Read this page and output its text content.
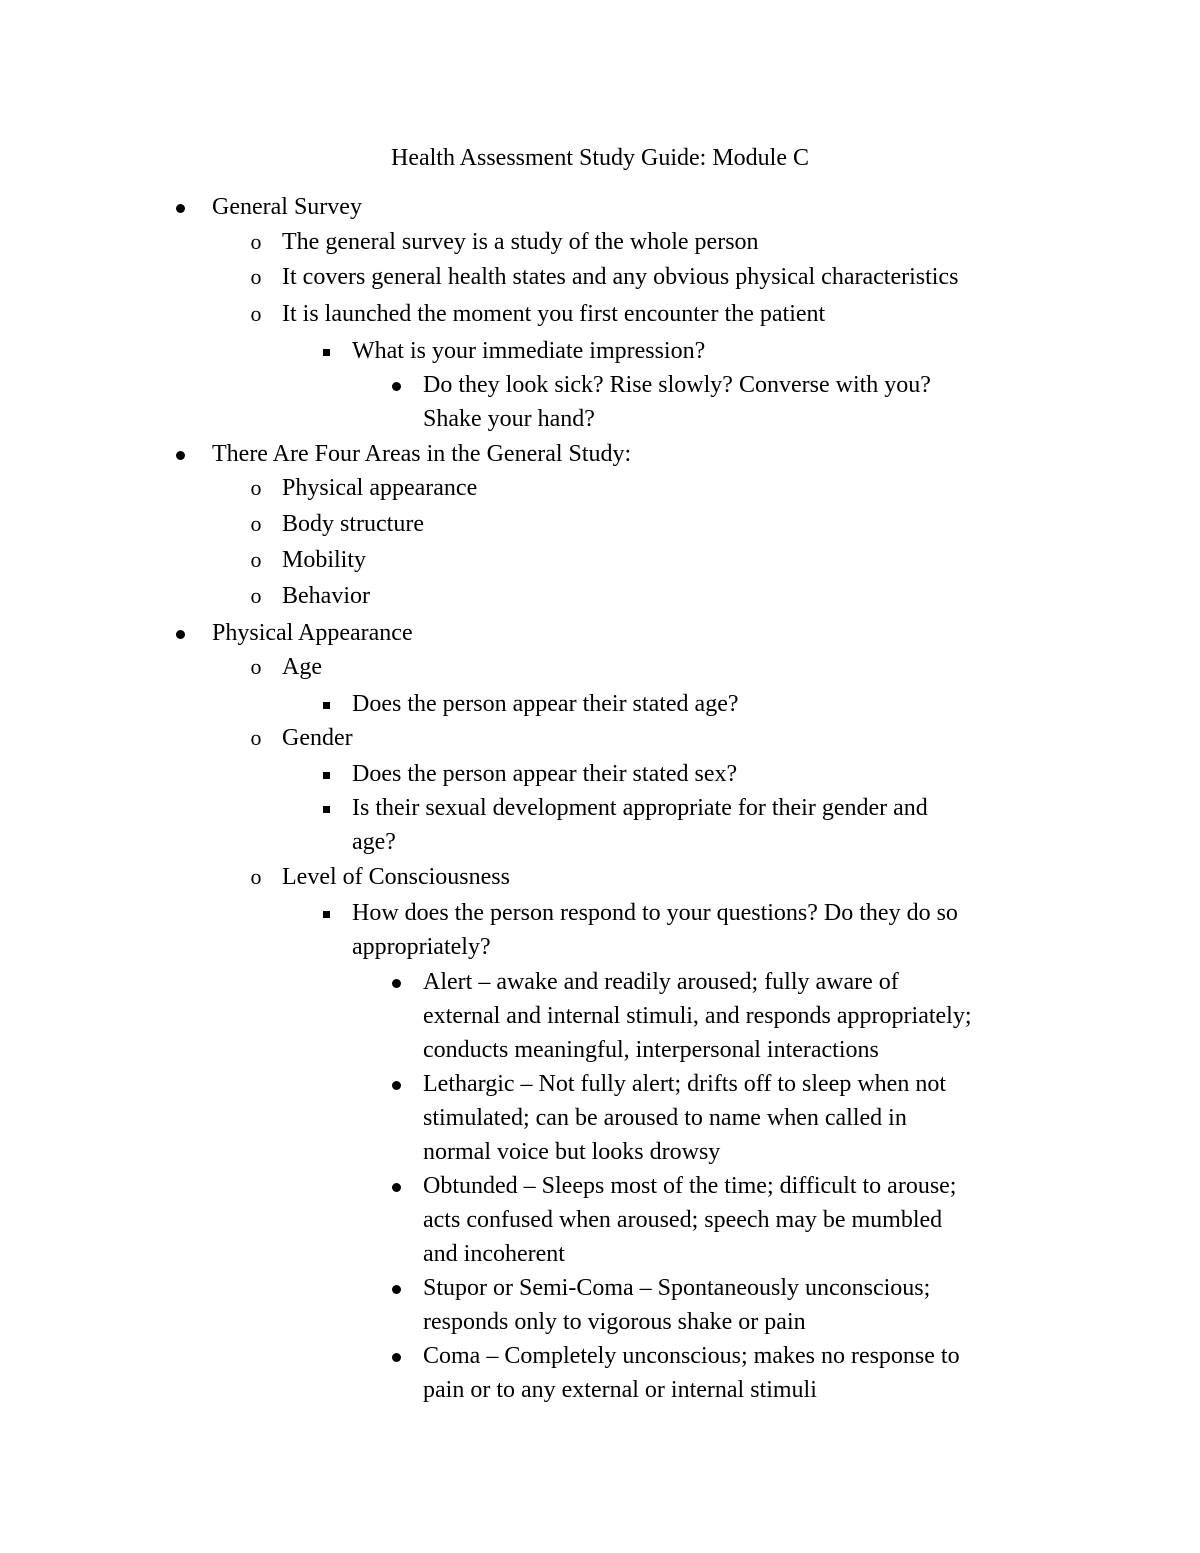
Health Assessment Study Guide: Module C
General Survey
o The general survey is a study of the whole person
o It covers general health states and any obvious physical characteristics
o It is launched the moment you first encounter the patient
What is your immediate impression?
Do they look sick? Rise slowly? Converse with you?
Shake your hand?
There Are Four Areas in the General Study:
o Physical appearance
o Body structure
o Mobility
o Behavior
Physical Appearance
o Age
Does the person appear their stated age?
o Gender
Does the person appear their stated sex?
Is their sexual development appropriate for their gender and
age?
o Level of Consciousness
How does the person respond to your questions? Do they do so
appropriately?
Alert – awake and readily aroused; fully aware of
external and internal stimuli, and responds appropriately;
conducts meaningful, interpersonal interactions
Lethargic – Not fully alert; drifts off to sleep when not
stimulated; can be aroused to name when called in
normal voice but looks drowsy
Obtunded – Sleeps most of the time; difficult to arouse;
acts confused when aroused; speech may be mumbled
and incoherent
Stupor or Semi-Coma – Spontaneously unconscious;
responds only to vigorous shake or pain
Coma – Completely unconscious; makes no response to
pain or to any external or internal stimuli
